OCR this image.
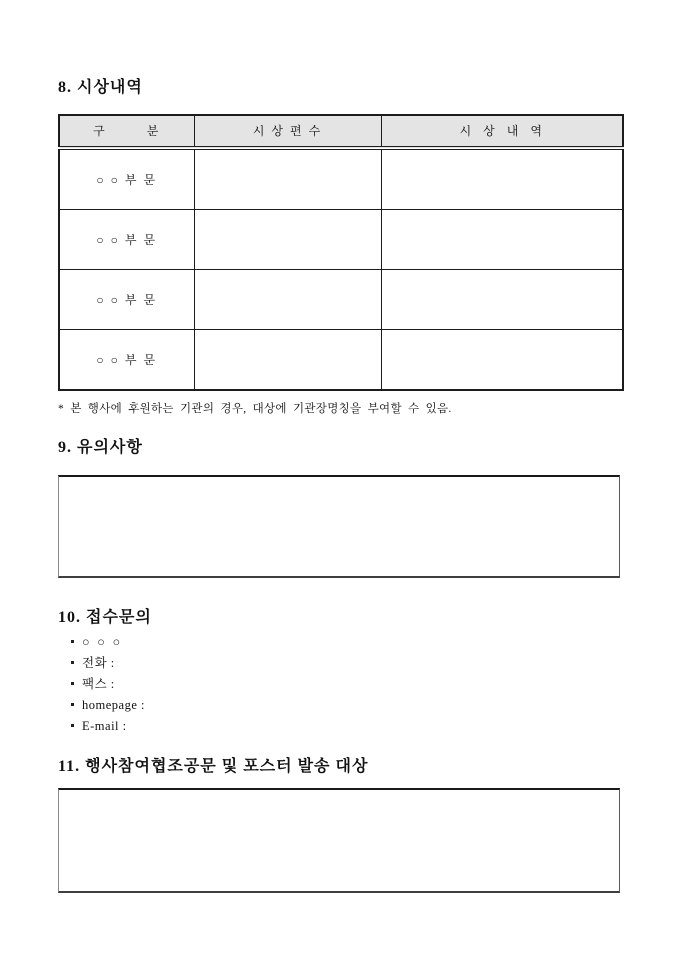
8. 시상내역
구        분	시 상 편 수	시  상  내  역
○ ○ 부 문		
○ ○ 부 문		
○ ○ 부 문		
○ ○ 부 문		

* 본 행사에 후원하는 기관의 경우, 대상에 기관장명칭을 부여할 수 있음.

9. 유의사항
10. 접수문의
○  ○  ○
전화 :
팩스 :
homepage :
E-mail :
11. 행사참여협조공문 및 포스터 발송 대상
